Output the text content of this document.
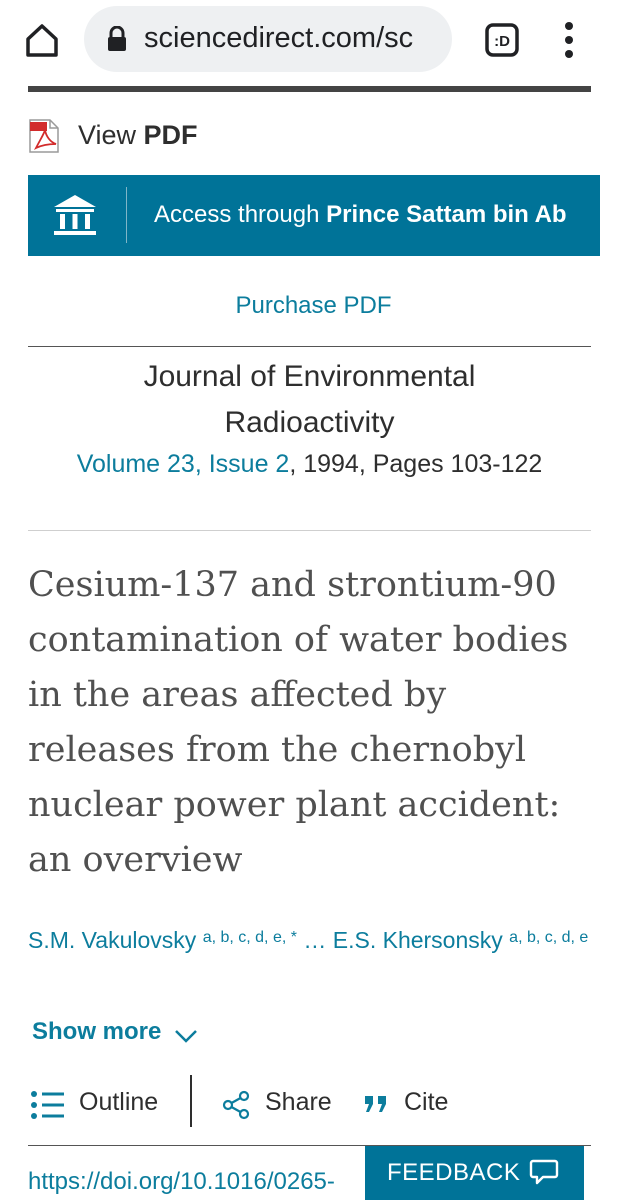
sciencedirect.com/sc	:D
View PDF
Access through Prince Sattam bin Ab
Purchase PDF
Journal of Environmental
Radioactivity
Volume 23, Issue 2, 1994, Pages 103-122
Cesium-137 and strontium-90 contamination of water bodies in the areas affected by releases from the chernobyl nuclear power plant accident: an overview
S.M. Vakulovsky $^{a, b, c, d, e, *}$ … E.S. Khersonsky $^{a, b, c, d, e}$
Show more
Outline	Share	Cite
https://doi.org/10.1016/0265- FEEDBACK
